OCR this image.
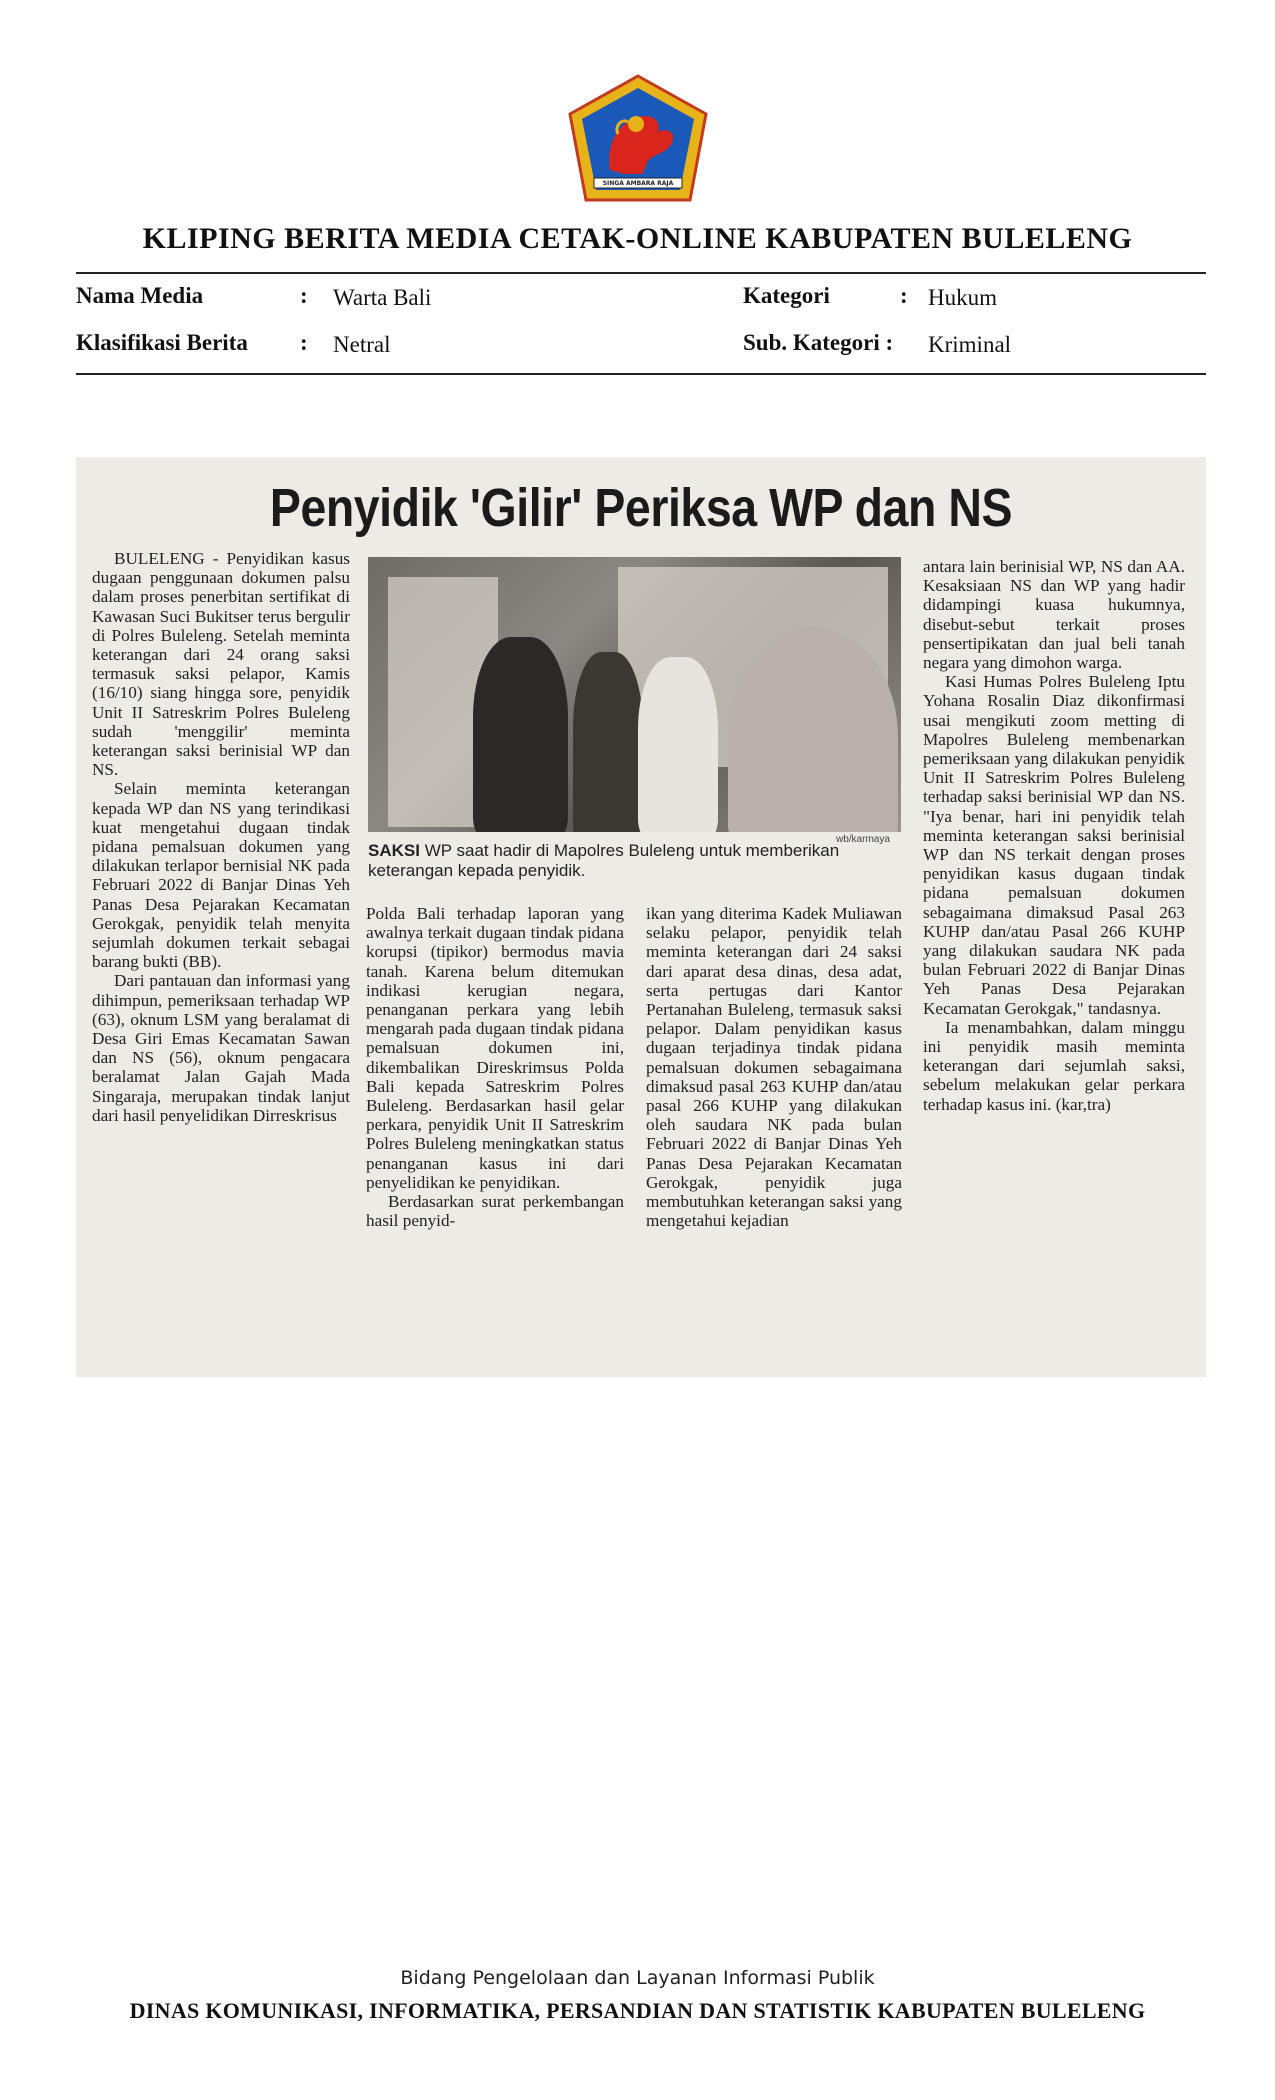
SINGA AMBARA RAJA
KLIPING BERITA MEDIA CETAK-ONLINE KABUPATEN BULELENG
Nama Media	: Warta Bali	Kategori	: Hukum
Klasifikasi Berita : Netral	Sub. Kategori : Kriminal
Penyidik 'Gilir' Periksa WP dan NS

BULELENG - Penyidikan kasus dugaan penggunaan dokumen palsu dalam proses penerbitan sertifikat di Kawasan Suci Bukitser terus bergulir di Polres Buleleng. Setelah meminta keterangan dari 24 orang saksi termasuk saksi pelapor, Kamis (16/10) siang hingga sore, penyidik Unit II Satreskrim Polres Buleleng sudah 'menggilir' meminta keterangan saksi berinisial WP dan NS.

Selain meminta keterangan kepada WP dan NS yang terindikasi kuat mengetahui dugaan tindak pidana pemalsuan dokumen yang dilakukan terlapor bernisial NK pada Februari 2022 di Banjar Dinas Yeh Panas Desa Pejarakan Kecamatan Gerokgak, penyidik telah menyita sejumlah dokumen terkait sebagai barang bukti (BB).

Dari pantauan dan informasi yang dihimpun, pemeriksaan terhadap WP (63), oknum LSM yang beralamat di Desa Giri Emas Kecamatan Sawan dan NS (56), oknum pengacara beralamat Jalan Gajah Mada Singaraja, merupakan tindak lanjut dari hasil penyelidikan Dirreskrisus

wb/karmaya
SAKSI WP saat hadir di Mapolres Buleleng untuk memberikan keterangan kepada penyidik.

Polda Bali terhadap laporan yang awalnya terkait dugaan tindak pidana korupsi (tipikor) bermodus mavia tanah. Karena belum ditemukan indikasi kerugian negara, penanganan perkara yang lebih mengarah pada dugaan tindak pidana pemalsuan dokumen ini, dikembalikan Direskrimsus Polda Bali kepada Satreskrim Polres Buleleng. Berdasarkan hasil gelar perkara, penyidik Unit II Satreskrim Polres Buleleng meningkatkan status penanganan kasus ini dari penyelidikan ke penyidikan.

Berdasarkan surat perkembangan hasil penyid-

ikan yang diterima Kadek Muliawan selaku pelapor, penyidik telah meminta keterangan dari 24 saksi dari aparat desa dinas, desa adat, serta pertugas dari Kantor Pertanahan Buleleng, termasuk saksi pelapor. Dalam penyidikan kasus dugaan terjadinya tindak pidana pemalsuan dokumen sebagaimana dimaksud pasal 263 KUHP dan/atau pasal 266 KUHP yang dilakukan oleh saudara NK pada bulan Februari 2022 di Banjar Dinas Yeh Panas Desa Pejarakan Kecamatan Gerokgak, penyidik juga membutuhkan keterangan saksi yang mengetahui kejadian

antara lain berinisial WP, NS dan AA. Kesaksiaan NS dan WP yang hadir didampingi kuasa hukumnya, disebut-sebut terkait proses pensertipikatan dan jual beli tanah negara yang dimohon warga.

Kasi Humas Polres Buleleng Iptu Yohana Rosalin Diaz dikonfirmasi usai mengikuti zoom metting di Mapolres Buleleng membenarkan pemeriksaan yang dilakukan penyidik Unit II Satreskrim Polres Buleleng terhadap saksi berinisial WP dan NS. "Iya benar, hari ini penyidik telah meminta keterangan saksi berinisial WP dan NS terkait dengan proses penyidikan kasus dugaan tindak pidana pemalsuan dokumen sebagaimana dimaksud Pasal 263 KUHP dan/atau Pasal 266 KUHP yang dilakukan saudara NK pada bulan Februari 2022 di Banjar Dinas Yeh Panas Desa Pejarakan Kecamatan Gerokgak," tandasnya.

Ia menambahkan, dalam minggu ini penyidik masih meminta keterangan dari sejumlah saksi, sebelum melakukan gelar perkara terhadap kasus ini. (kar,tra)

Bidang Pengelolaan dan Layanan Informasi Publik
DINAS KOMUNIKASI, INFORMATIKA, PERSANDIAN DAN STATISTIK KABUPATEN BULELENG
